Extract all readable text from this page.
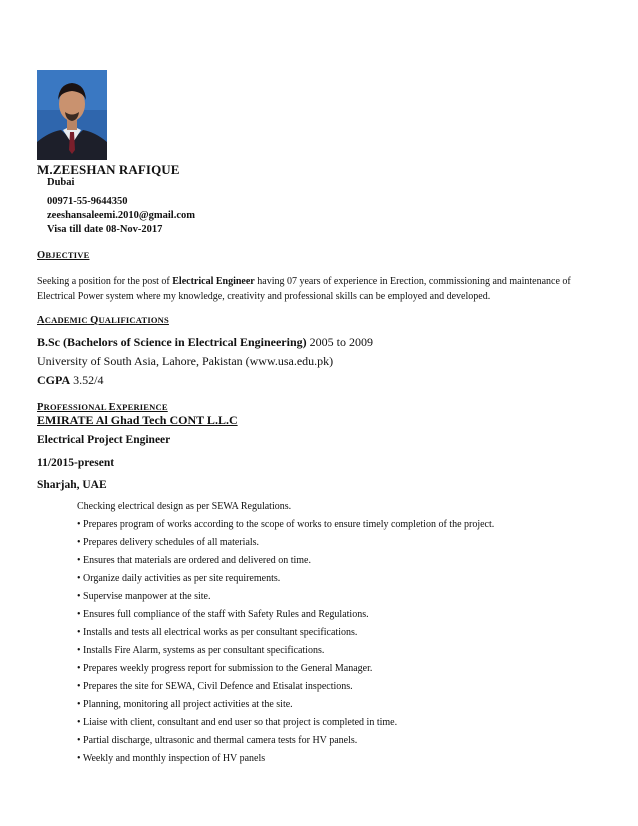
M.ZEESHAN RAFIQUE
Dubai
00971-55-9644350
zeeshansaleemi.2010@gmail.com
Visa till date 08-Nov-2017
OBJECTIVE
Seeking a position for the post of Electrical Engineer having 07 years of experience in Erection, commissioning and maintenance of Electrical Power system where my knowledge, creativity and professional skills can be employed and developed.
ACADEMIC QUALIFICATIONS
B.Sc (Bachelors of Science in Electrical Engineering) 2005 to 2009
University of South Asia, Lahore, Pakistan (www.usa.edu.pk)
CGPA 3.52/4
PROFESSIONAL EXPERIENCE
EMIRATE Al Ghad Tech CONT L.L.C
Electrical Project Engineer
11/2015-present
Sharjah, UAE
Checking electrical design as per SEWA Regulations.
• Prepares program of works according to the scope of works to ensure timely completion of the project.
• Prepares delivery schedules of all materials.
• Ensures that materials are ordered and delivered on time.
• Organize daily activities as per site requirements.
• Supervise manpower at the site.
• Ensures full compliance of the staff with Safety Rules and Regulations.
• Installs and tests all electrical works as per consultant specifications.
• Installs Fire Alarm, systems as per consultant specifications.
• Prepares weekly progress report for submission to the General Manager.
• Prepares the site for SEWA, Civil Defence and Etisalat inspections.
• Planning, monitoring all project activities at the site.
• Liaise with client, consultant and end user so that project is completed in time.
• Partial discharge, ultrasonic and thermal camera tests for HV panels.
• Weekly and monthly inspection of HV panels
